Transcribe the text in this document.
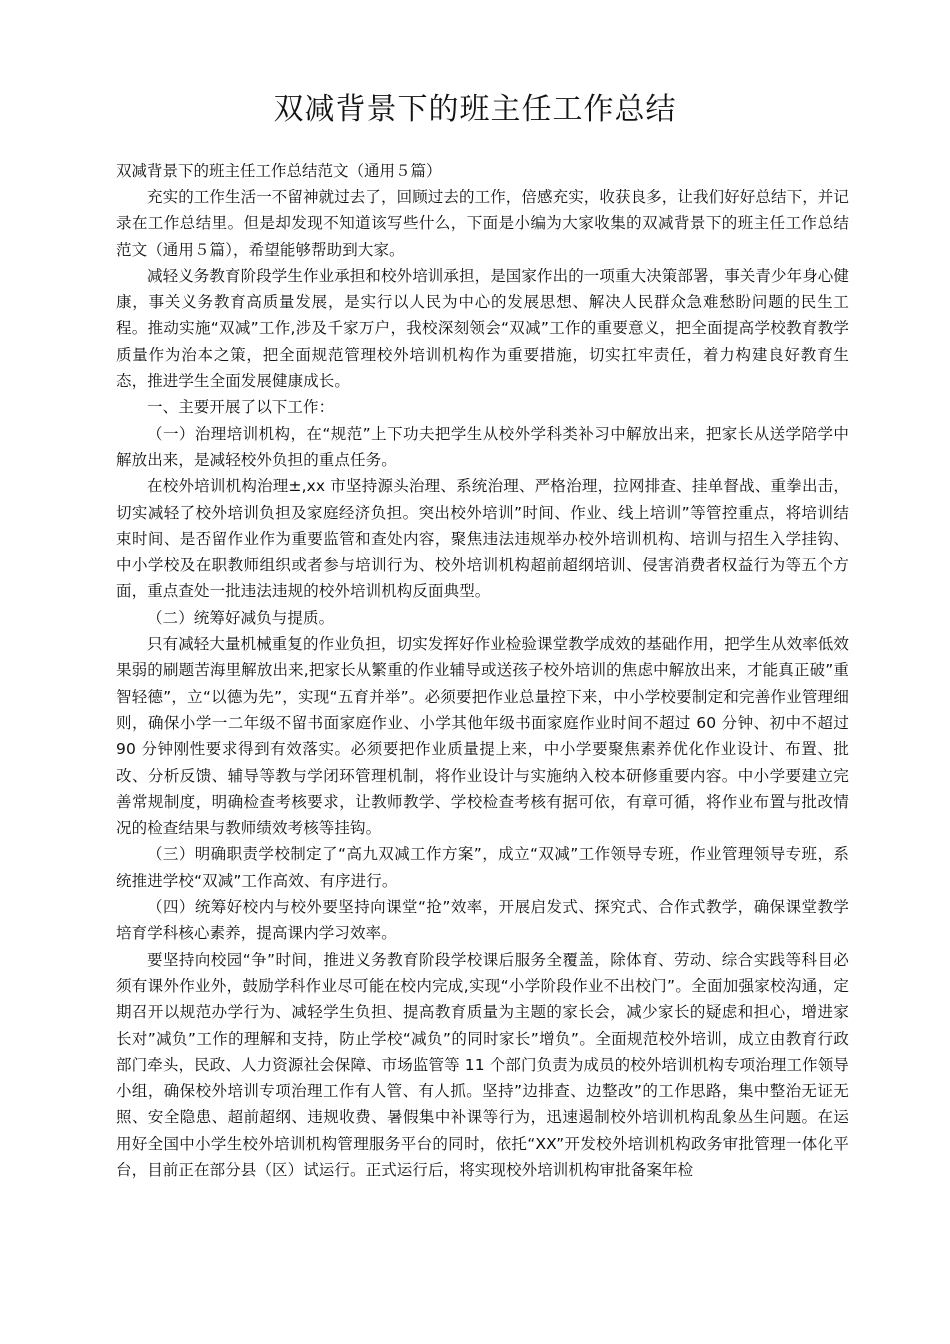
双减背景下的班主任工作总结

双减背景下的班主任工作总结范文（通用５篇）

充实的工作生活一不留神就过去了，回顾过去的工作，倍感充实，收获良多，让我们好好总结下，并记录在工作总结里。但是却发现不知道该写些什么，下面是小编为大家收集的双减背景下的班主任工作总结范文（通用５篇），希望能够帮助到大家。

减轻义务教育阶段学生作业承担和校外培训承担，是国家作出的一项重大决策部署，事关青少年身心健康，事关义务教育高质量发展，是实行以人民为中心的发展思想、解决人民群众急难愁盼问题的民生工程。推动实施“双减”工作,涉及千家万户，我校深刻领会“双减”工作的重要意义，把全面提高学校教育教学质量作为治本之策，把全面规范管理校外培训机构作为重要措施，切实扛牢责任，着力构建良好教育生态，推进学生全面发展健康成长。

一、主要开展了以下工作：

（一）治理培训机构，在“规范”上下功夫把学生从校外学科类补习中解放出来，把家长从送学陪学中解放出来，是减轻校外负担的重点任务。

在校外培训机构治理±,xx 市坚持源头治理、系统治理、严格治理，拉网排查、挂单督战、重拳出击，切实减轻了校外培训负担及家庭经济负担。突出校外培训”时间、作业、线上培训”等管控重点，将培训结束时间、是否留作业作为重要监管和查处内容，聚焦违法违规举办校外培训机构、培训与招生入学挂钩、中小学校及在职教师组织或者参与培训行为、校外培训机构超前超纲培训、侵害消费者权益行为等五个方面，重点查处一批违法违规的校外培训机构反面典型。

（二）统筹好减负与提质。

只有减轻大量机械重复的作业负担，切实发挥好作业检验课堂教学成效的基础作用，把学生从效率低效果弱的刷题苦海里解放出来,把家长从繁重的作业辅导或送孩子校外培训的焦虑中解放出来，才能真正破”重智轻德”，立“以德为先”，实现“五育并举”。必须要把作业总量控下来，中小学校要制定和完善作业管理细则，确保小学一二年级不留书面家庭作业、小学其他年级书面家庭作业时间不超过 60 分钟、初中不超过 90 分钟刚性要求得到有效落实。必须要把作业质量提上来，中小学要聚焦素养优化作业设计、布置、批改、分析反馈、辅导等教与学闭环管理机制，将作业设计与实施纳入校本研修重要内容。中小学要建立完善常规制度，明确检查考核要求，让教师教学、学校检查考核有据可依，有章可循，将作业布置与批改情况的检查结果与教师绩效考核等挂钩。

（三）明确职责学校制定了“高九双减工作方案”，成立“双减”工作领导专班，作业管理领导专班，系统推进学校“双减”工作高效、有序进行。

（四）统筹好校内与校外要坚持向课堂“抢”效率，开展启发式、探究式、合作式教学，确保课堂教学培育学科核心素养，提高课内学习效率。

要坚持向校园“争”时间，推进义务教育阶段学校课后服务全覆盖，除体育、劳动、综合实践等科目必须有课外作业外，鼓励学科作业尽可能在校内完成,实现“小学阶段作业不出校门”。全面加强家校沟通，定期召开以规范办学行为、减轻学生负担、提高教育质量为主题的家长会，减少家长的疑虑和担心，增进家长对”减负”工作的理解和支持，防止学校“减负”的同时家长”增负”。全面规范校外培训，成立由教育行政部门牵头，民政、人力资源社会保障、市场监管等 11 个部门负责为成员的校外培训机构专项治理工作领导小组，确保校外培训专项治理工作有人管、有人抓。坚持”边排查、边整改”的工作思路，集中整治无证无照、安全隐患、超前超纲、违规收费、暑假集中补课等行为，迅速遏制校外培训机构乱象丛生问题。在运用好全国中小学生校外培训机构管理服务平台的同时，依托“XX”开发校外培训机构政务审批管理一体化平台，目前正在部分县（区）试运行。正式运行后，将实现校外培训机构审批备案年检
